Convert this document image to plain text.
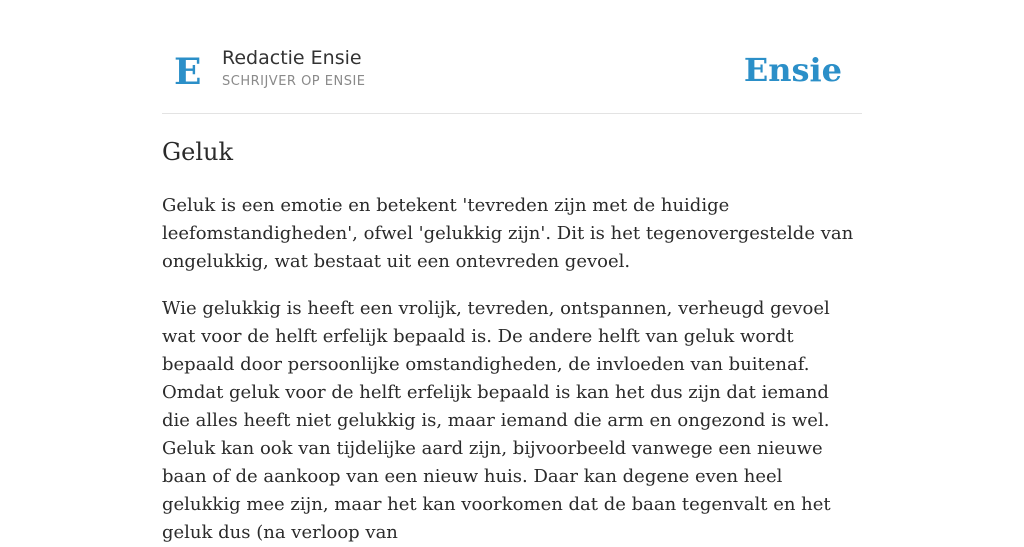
E Redactie Ensie
SCHRIJVER OP ENSIE	Ensie
Geluk

Geluk is een emotie en betekent 'tevreden zijn met de huidige leefomstandigheden', ofwel 'gelukkig zijn'. Dit is het tegenovergestelde van ongelukkig, wat bestaat uit een ontevreden gevoel.

Wie gelukkig is heeft een vrolijk, tevreden, ontspannen, verheugd gevoel wat voor de helft erfelijk bepaald is. De andere helft van geluk wordt bepaald door persoonlijke omstandigheden, de invloeden van buitenaf. Omdat geluk voor de helft erfelijk bepaald is kan het dus zijn dat iemand die alles heeft niet gelukkig is, maar iemand die arm en ongezond is wel.

Geluk kan ook van tijdelijke aard zijn, bijvoorbeeld vanwege een nieuwe baan of de aankoop van een nieuw huis. Daar kan degene even heel gelukkig mee zijn, maar het kan voorkomen dat de baan tegenvalt en het geluk dus (na verloop van
